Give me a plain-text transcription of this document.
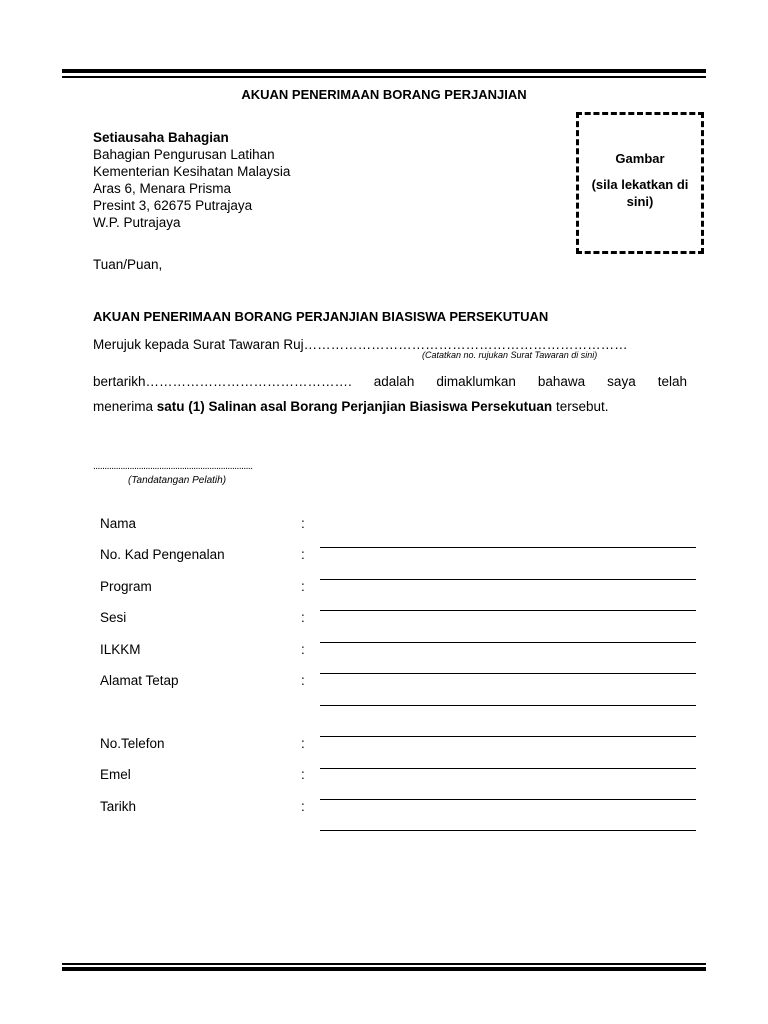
AKUAN PENERIMAAN BORANG PERJANJIAN
Setiausaha Bahagian
Bahagian Pengurusan Latihan
Kementerian Kesihatan Malaysia
Aras 6, Menara Prisma
Presint 3, 62675 Putrajaya
W.P. Putrajaya
Gambar
(sila lekatkan di
sini)
Tuan/Puan,
AKUAN PENERIMAAN BORANG PERJANJIAN BIASISWA PERSEKUTUAN
Merujuk kepada Surat Tawaran Ruj………………………………………………………………
(Catatkan no. rujukan Surat Tawaran di sini)
bertarikh………………………………………. adalah dimaklumkan bahawa saya telah
menerima satu (1) Salinan asal Borang Perjanjian Biasiswa Persekutuan tersebut.
......................................................................
(Tandatangan Pelatih)
Nama	:
No. Kad Pengenalan	:
Program	:
Sesi	:
ILKKM	:
Alamat Tetap	:
No.Telefon	:
Emel	:
Tarikh	:
